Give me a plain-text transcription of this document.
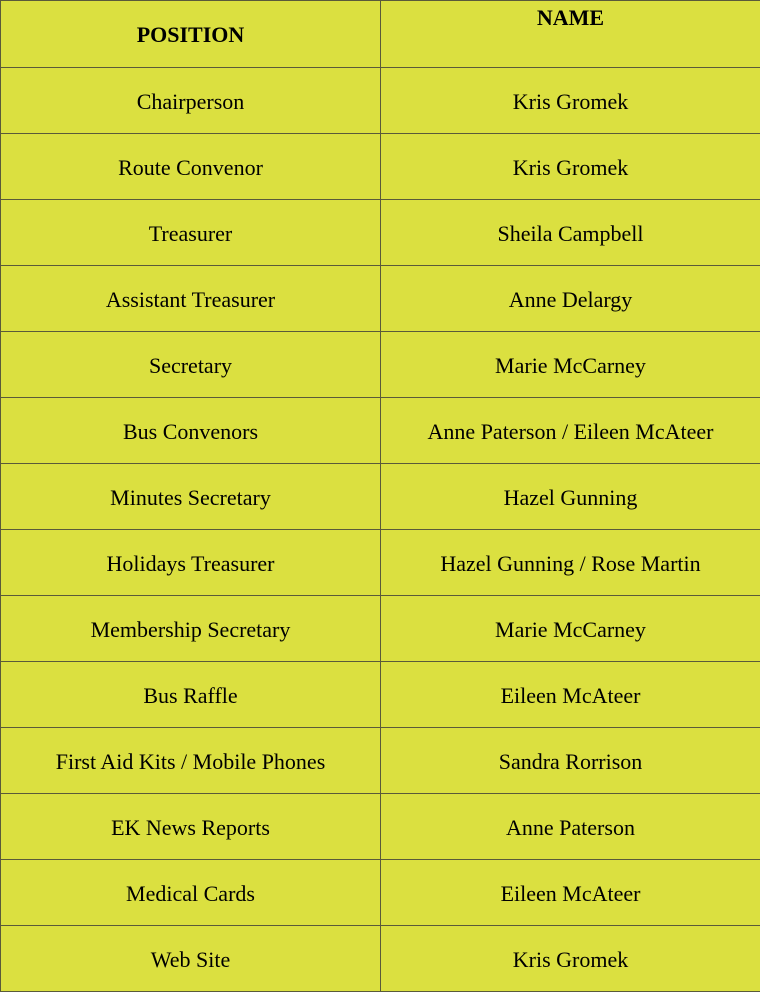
POSITION	NAME
Chairperson	Kris Gromek
Route Convenor	Kris Gromek
Treasurer	Sheila Campbell
Assistant Treasurer	Anne Delargy
Secretary	Marie McCarney
Bus Convenors	Anne Paterson / Eileen McAteer
Minutes Secretary	Hazel Gunning
Holidays Treasurer	Hazel Gunning / Rose Martin
Membership Secretary	Marie McCarney
Bus Raffle	Eileen McAteer
First Aid Kits / Mobile Phones	Sandra Rorrison
EK News Reports	Anne Paterson
Medical Cards	Eileen McAteer
Web Site	Kris Gromek
